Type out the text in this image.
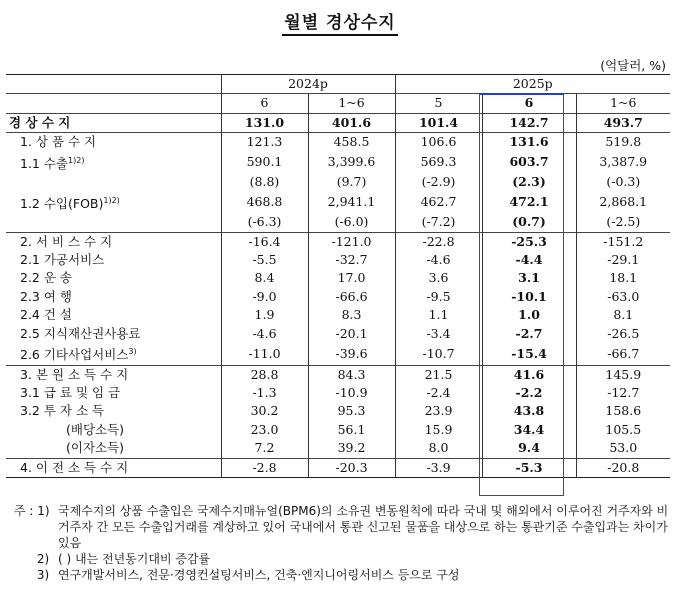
월별 경상수지
(억달러, %)
	2024p		2025p		
	6	1~6	5	6	1~6
경 상 수 지	131.0	401.6	101.4	142.7	493.7
1. 상 품 수 지	121.3	458.5	106.6	131.6	519.8
1.1 수출$^{1)2)}$	590.1	3,399.6	569.3	603.7	3,387.9
	(8.8)	(9.7)	(-2.9)	(2.3)	(-0.3)
1.2 수입(FOB)$^{1)2)}$	468.8	2,941.1	462.7	472.1	2,868.1
	(-6.3)	(-6.0)	(-7.2)	(0.7)	(-2.5)
2. 서 비 스 수 지	-16.4	-121.0	-22.8	-25.3	-151.2
2.1 가공서비스	-5.5	-32.7	-4.6	-4.4	-29.1
2.2 운 송	8.4	17.0	3.6	3.1	18.1
2.3 여 행	-9.0	-66.6	-9.5	-10.1	-63.0
2.4 건 설	1.9	8.3	1.1	1.0	8.1
2.5 지식재산권사용료	-4.6	-20.1	-3.4	-2.7	-26.5
2.6 기타사업서비스$^{3)}$	-11.0	-39.6	-10.7	-15.4	-66.7
3. 본 원 소 득 수 지	28.8	84.3	21.5	41.6	145.9
3.1 급 료 및 임 금	-1.3	-10.9	-2.4	-2.2	-12.7
3.2 투 자 소 득	30.2	95.3	23.9	43.8	158.6
(배당소득)	23.0	56.1	15.9	34.4	105.5
(이자소득)	7.2	39.2	8.0	9.4	53.0
4. 이 전 소 득 수 지	-2.8	-20.3	-3.9	-5.3	-20.8
주 : 1) 국제수지의 상품 수출입은 국제수지매뉴얼(BPM6)의 소유권 변동원칙에 따라 국내 및 해외에서 이루어진 거주자와 비거주자 간 모든 수출입거래를 계상하고 있어 국내에서 통관 신고된 물품을 대상으로 하는 통관기준 수출입과는 차이가 있음
2) ( ) 내는 전년동기대비 증감률
3) 연구개발서비스, 전문·경영컨설팅서비스, 건축·엔지니어링서비스 등으로 구성
